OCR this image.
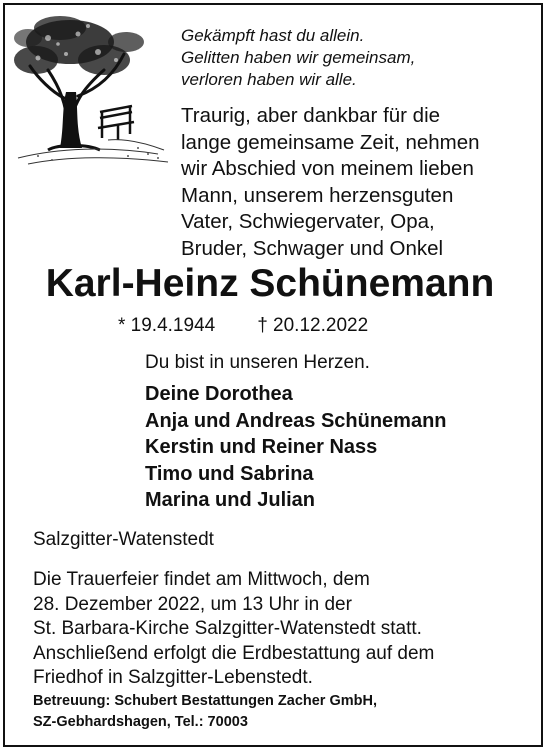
Gekämpft hast du allein.
Gelitten haben wir gemeinsam,
verloren haben wir alle.
Traurig, aber dankbar für die
lange gemeinsame Zeit, nehmen
wir Abschied von meinem lieben
Mann, unserem herzensguten
Vater, Schwiegervater, Opa,
Bruder, Schwager und Onkel
Karl-Heinz Schünemann
* 19.4.1944 † 20.12.2022
Du bist in unseren Herzen.
Deine Dorothea
Anja und Andreas Schünemann
Kerstin und Reiner Nass
Timo und Sabrina
Marina und Julian
Salzgitter-Watenstedt
Die Trauerfeier findet am Mittwoch, dem
28. Dezember 2022, um 13 Uhr in der
St. Barbara-Kirche Salzgitter-Watenstedt statt.
Anschließend erfolgt die Erdbestattung auf dem
Friedhof in Salzgitter-Lebenstedt.
Betreuung: Schubert Bestattungen Zacher GmbH,
SZ-Gebhardshagen, Tel.: 70003
